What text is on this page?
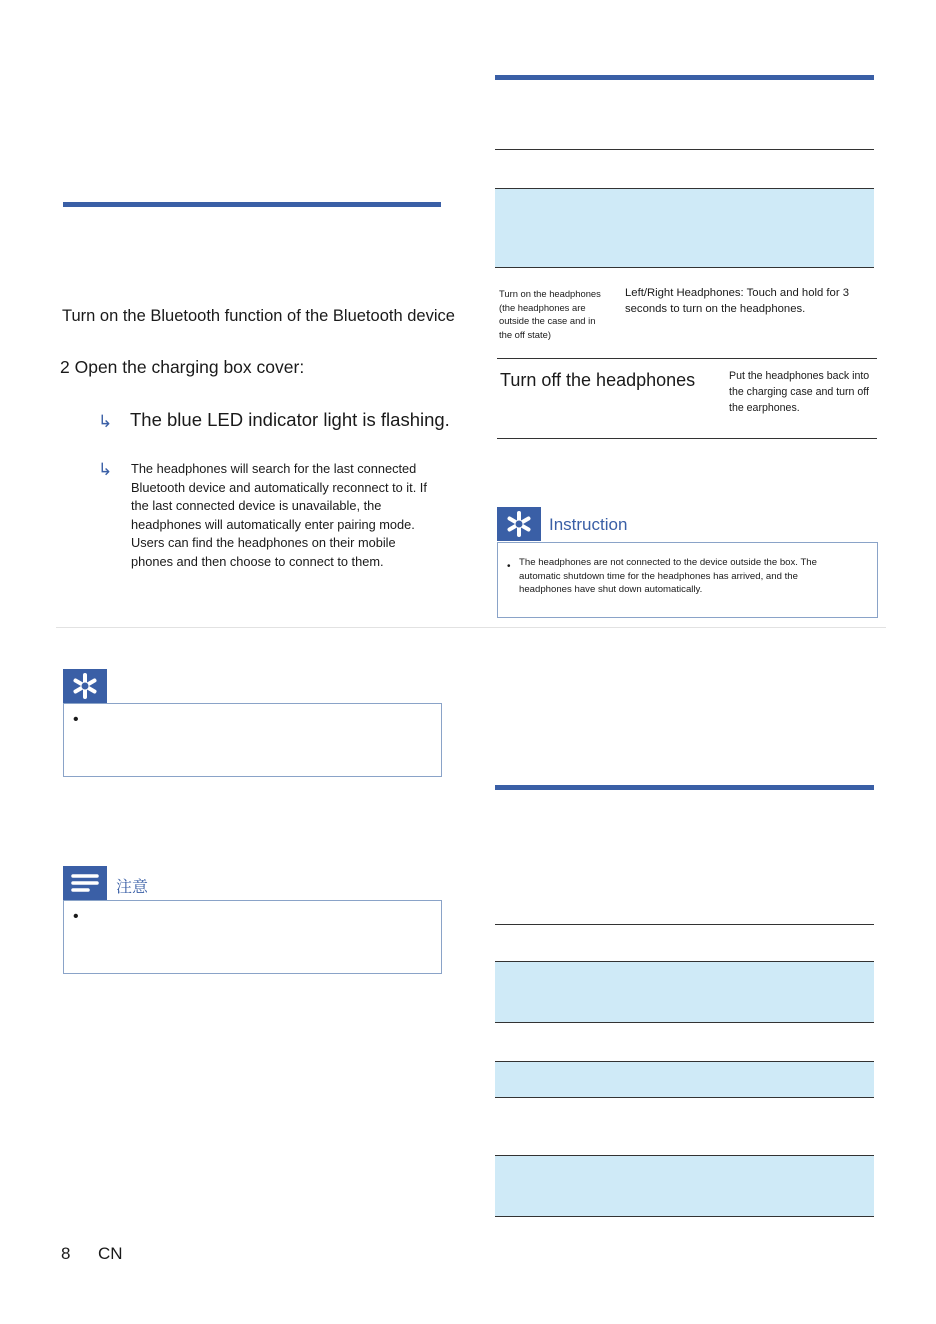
Turn on the Bluetooth function of the Bluetooth device
2 Open the charging box cover:
↳ The blue LED indicator light is flashing.
↳ The headphones will search for the last connected Bluetooth device and automatically reconnect to it. If the last connected device is unavailable, the headphones will automatically enter pairing mode. Users can find the headphones on their mobile phones and then choose to connect to them.
•
注意
•
Turn on the headphones (the headphones are outside the case and in the off state)
Left/Right Headphones: Touch and hold for 3 seconds to turn on the headphones.
Turn off the headphones	Put the headphones back into the charging case and turn off the earphones.
Instruction
• The headphones are not connected to the device outside the box. The automatic shutdown time for the headphones has arrived, and the headphones have shut down automatically.
8 CN
